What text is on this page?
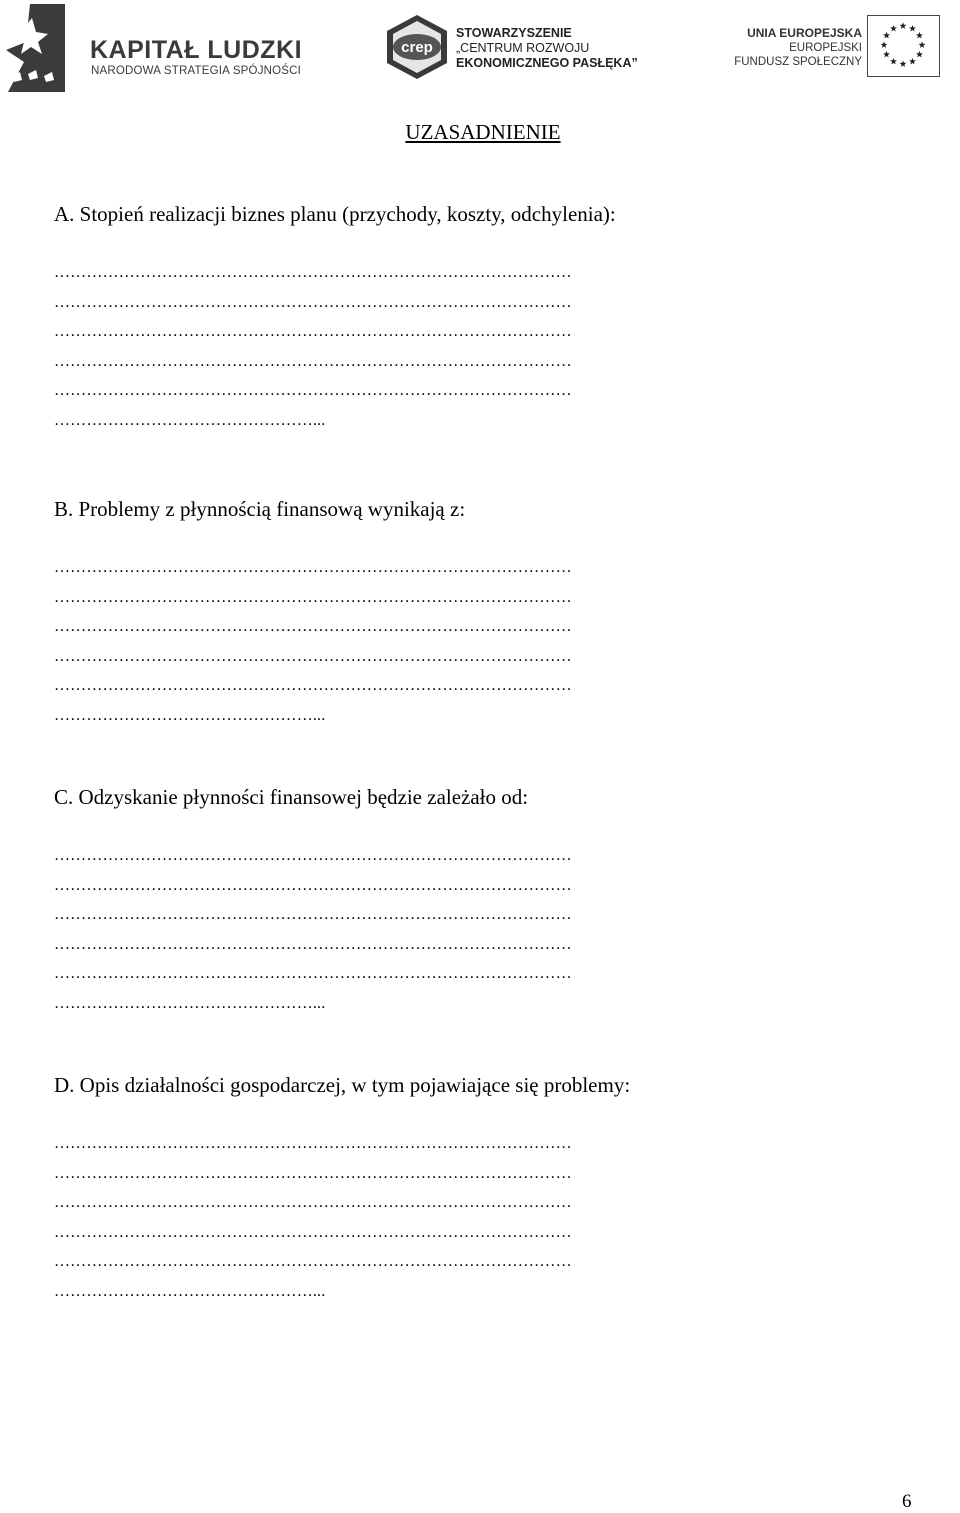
KAPITAŁ LUDZKI
NARODOWA STRATEGIA SPÓJNOŚCI
crep
STOWARZYSZENIE
„CENTRUM ROZWOJU
EKONOMICZNEGO PASŁĘKA”
UNIA EUROPEJSKA
EUROPEJSKI
FUNDUSZ SPOŁECZNY
UZASADNIENIE
A. Stopień realizacji biznes planu (przychody, koszty, odchylenia):
……………………………………………………………………………………
……………………………………………………………………………………
……………………………………………………………………………………
……………………………………………………………………………………
……………………………………………………………………………………
…………………………………………...
B. Problemy z płynnością finansową wynikają z:
……………………………………………………………………………………
……………………………………………………………………………………
……………………………………………………………………………………
……………………………………………………………………………………
……………………………………………………………………………………
…………………………………………...
C. Odzyskanie płynności finansowej będzie zależało od:
……………………………………………………………………………………
……………………………………………………………………………………
……………………………………………………………………………………
……………………………………………………………………………………
……………………………………………………………………………………
…………………………………………...
D. Opis działalności gospodarczej, w tym pojawiające się problemy:
……………………………………………………………………………………
……………………………………………………………………………………
……………………………………………………………………………………
……………………………………………………………………………………
……………………………………………………………………………………
…………………………………………...
6
